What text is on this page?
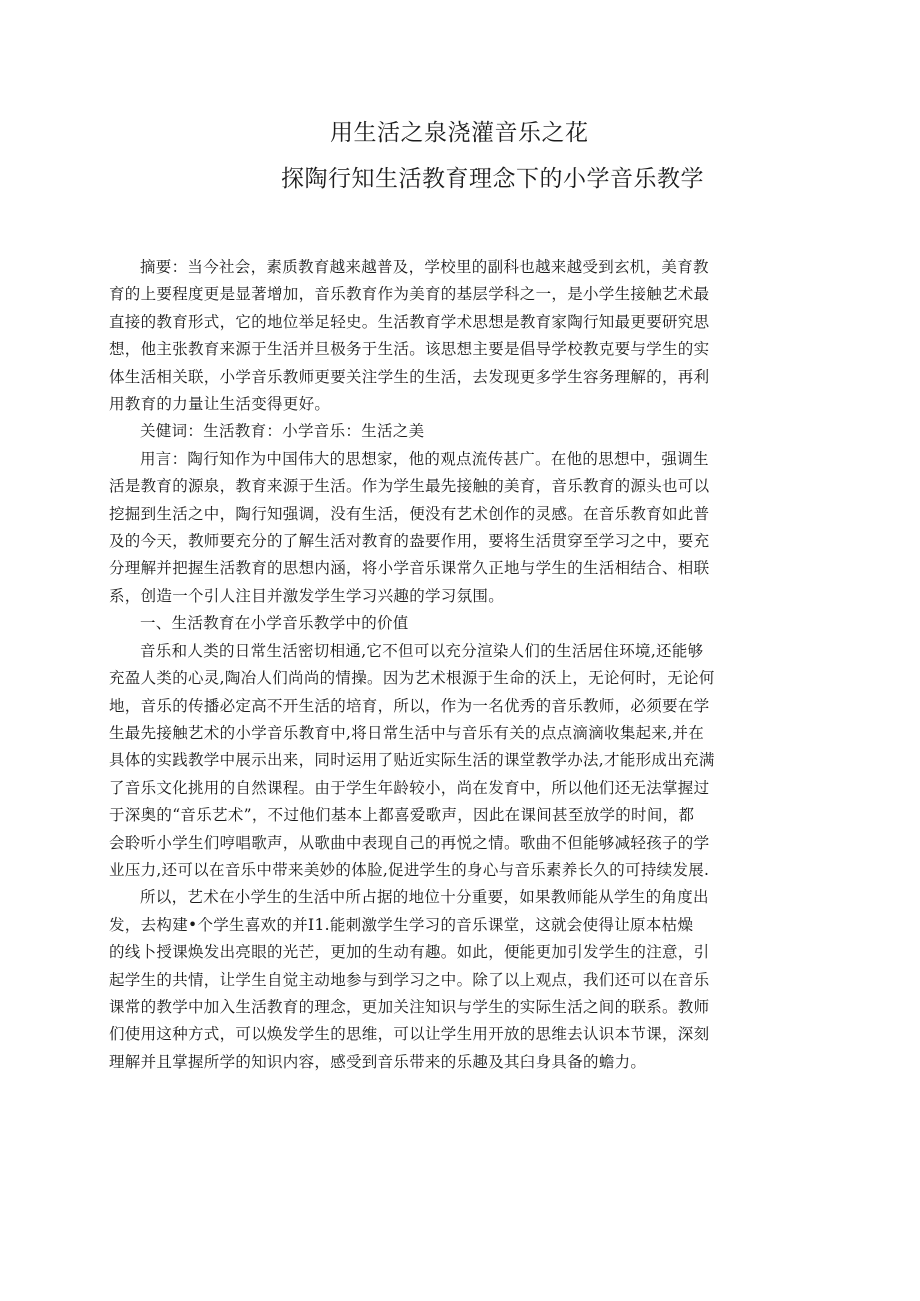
用生活之泉浇灌音乐之花
探陶行知生活教育理念下的小学音乐教学

摘要：当今社会，素质教育越来越普及，学校里的副科也越来越受到玄机，美育教
育的上要程度更是显著增加，音乐教育作为美育的基层学科之一，是小学生接触艺术最
直接的教育形式，它的地位举足轻史。生活教育学术思想是教育家陶行知最更要研究思
想，他主张教育来源于生活并旦极务于生活。该思想主要是倡导学校教克要与学生的实
体生活相关联，小学音乐教师更要关注学生的生活，去发现更多学生容务理解的，再利
用教育的力量让生活变得更好。

关健词：生活教育：小学音乐：生活之美

用言：陶行知作为中国伟大的思想家，他的观点流传甚广。在他的思想中，强调生
活是教育的源泉，教育来源于生活。作为学生最先接触的美育，音乐教育的源头也可以
挖掘到生活之中，陶行知强调，没有生活，便没有艺术创作的灵感。在音乐教育如此普
及的今天，教师要充分的了解生活对教育的盎要作用，要将生活贯穿至学习之中，要充
分理解并把握生活教育的思想内涵，将小学音乐课常久正地与学生的生活相结合、相联
系，创造一个引人注目并激发学生学习兴趣的学习氛围。

一、生活教育在小学音乐教学中的价值

音乐和人类的日常生活密切相通,它不但可以充分渲染人们的生活居住环境,还能够
充盈人类的心灵,陶冶人们尚尚的情操。因为艺术根源于生命的沃上，无论何时，无论何
地，音乐的传播必定高不开生活的培育，所以，作为一名优秀的音乐教师，必须要在学
生最先接触艺术的小学音乐教育中,将日常生活中与音乐有关的点点滴滴收集起来,并在
具体的实践教学中展示出来，同时运用了贴近实际生活的课堂教学办法,才能形成出充满
了音乐文化挑用的自然课程。由于学生年龄较小，尚在发育中，所以他们还无法掌握过
于深奥的“音乐艺术”，不过他们基本上都喜爱歌声，因此在课间甚至放学的时间，都
会聆听小学生们哼唱歌声，从歌曲中表现自己的再悦之情。歌曲不但能够减轻孩子的学
业压力,还可以在音乐中带来美妙的体脸,促进学生的身心与音乐素养长久的可持续发展.

所以，艺术在小学生的生活中所占据的地位十分重要，如果教师能从学生的角度出
发，去构建•个学生喜欢的并I1.能刺激学生学习的音乐课堂，这就会使得让原本枯燥
的线卜授课焕发出亮眼的光芒，更加的生动有趣。如此，便能更加引发学生的注意，引
起学生的共情，让学生自觉主动地参与到学习之中。除了以上观点，我们还可以在音乐
课常的教学中加入生活教育的理念，更加关注知识与学生的实际生活之间的联系。教师
们使用这种方式，可以焕发学生的思维，可以让学生用开放的思维去认识本节课，深刻
理解并且掌握所学的知识内容，感受到音乐带来的乐趣及其臼身具备的蟾力。
